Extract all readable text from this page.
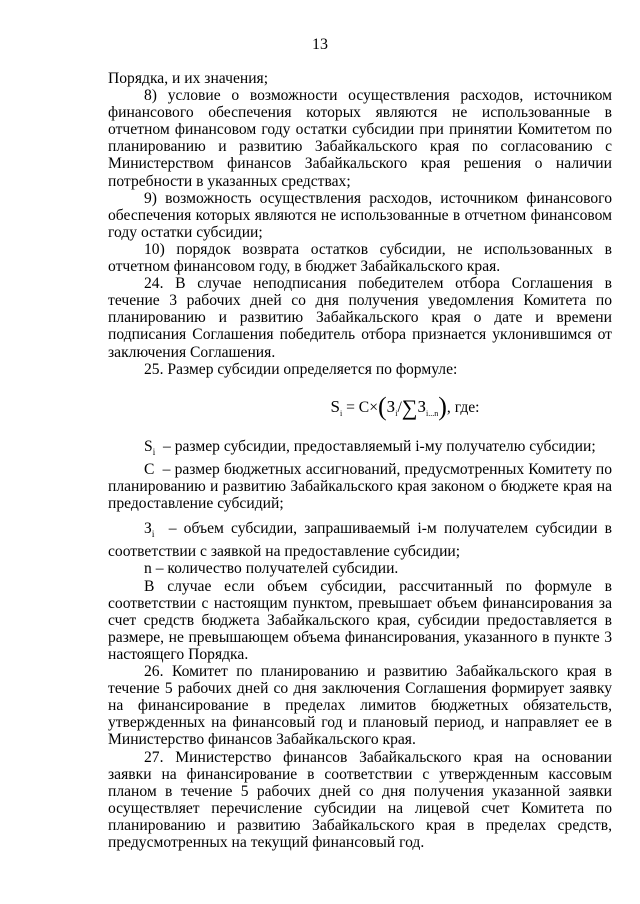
13

Порядка, и их значения;

8) условие о возможности осуществления расходов, источником финансового обеспечения которых являются не использованные в отчетном финансовом году остатки субсидии при принятии Комитетом по планированию и развитию Забайкальского края по согласованию с Министерством финансов Забайкальского края решения о наличии потребности в указанных средствах;

9) возможность осуществления расходов, источником финансового обеспечения которых являются не использованные в отчетном финансовом году остатки субсидии;

10) порядок возврата остатков субсидии, не использованных в отчетном финансовом году, в бюджет Забайкальского края.

24. В случае неподписания победителем отбора Соглашения в течение 3 рабочих дней со дня получения уведомления Комитета по планированию и развитию Забайкальского края о дате и времени подписания Соглашения победитель отбора признается уклонившимся от заключения Соглашения.

25. Размер субсидии определяется по формуле:

$S_i = C\times(З_i/\sum З_{i...n})$, где:

$S_i$ – размер субсидии, предоставляемый i-му получателю субсидии;

C – размер бюджетных ассигнований, предусмотренных Комитету по планированию и развитию Забайкальского края законом о бюджете края на предоставление субсидий;

$З_i$ – объем субсидии, запрашиваемый i-м получателем субсидии в соответствии с заявкой на предоставление субсидии;

n – количество получателей субсидии.

В случае если объем субсидии, рассчитанный по формуле в соответствии с настоящим пунктом, превышает объем финансирования за счет средств бюджета Забайкальского края, субсидии предоставляется в размере, не превышающем объема финансирования, указанного в пункте 3 настоящего Порядка.

26. Комитет по планированию и развитию Забайкальского края в течение 5 рабочих дней со дня заключения Соглашения формирует заявку на финансирование в пределах лимитов бюджетных обязательств, утвержденных на финансовый год и плановый период, и направляет ее в Министерство финансов Забайкальского края.

27. Министерство финансов Забайкальского края на основании заявки на финансирование в соответствии с утвержденным кассовым планом в течение 5 рабочих дней со дня получения указанной заявки осуществляет перечисление субсидии на лицевой счет Комитета по планированию и развитию Забайкальского края в пределах средств, предусмотренных на текущий финансовый год.
